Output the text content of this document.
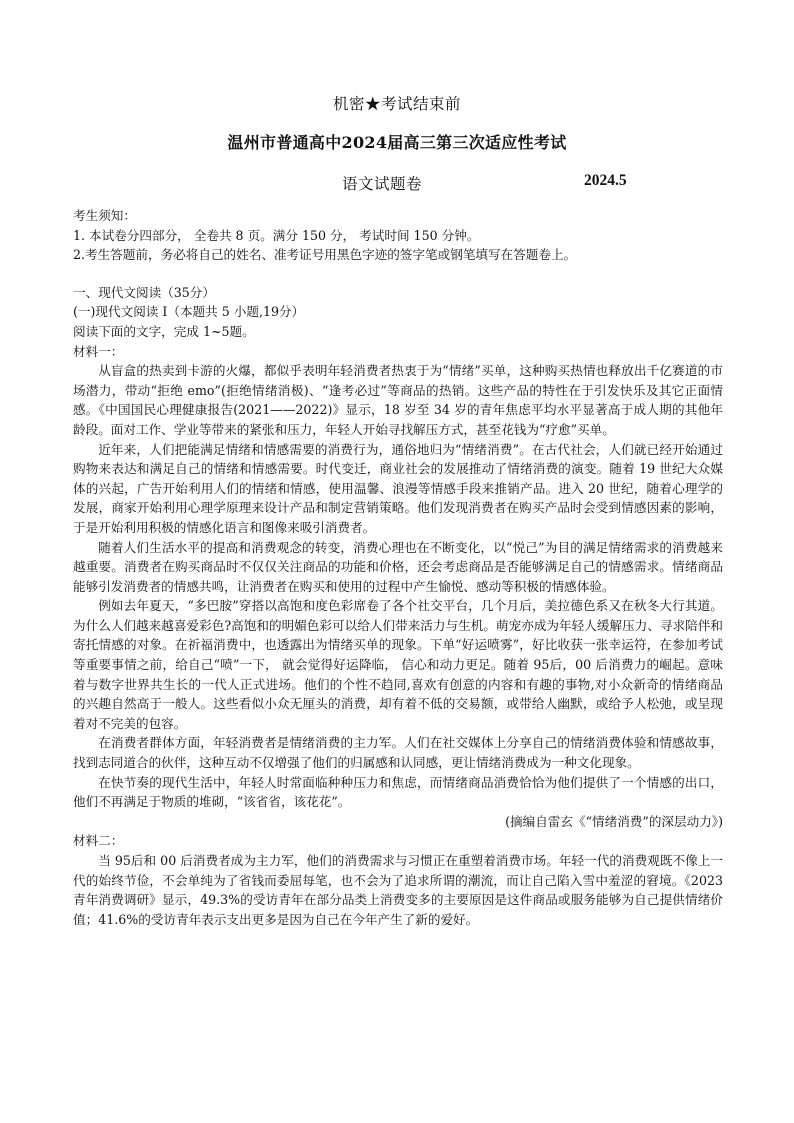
机密★考试结束前
温州市普通高中2024届高三第三次适应性考试
语文试题卷	2024.5

考生须知：

1. 本试卷分四部分， 全卷共 8 页。满分 150 分， 考试时间 150 分钟。

2.考生答题前，务必将自己的姓名、准考证号用黑色字迹的签字笔或钢笔填写在答题卷上。

一、现代文阅读（35分）

(一)现代文阅读 I（本题共 5 小题,19分）

阅读下面的文字，完成 1~5题。

材料一：

从盲盒的热卖到卡游的火爆，都似乎表明年轻消费者热衷于为“情绪”买单，这种购买热情也释放出千亿赛道的市场潜力，带动“拒绝 emo”(拒绝情绪消极)、“逢考必过”等商品的热销。这些产品的特性在于引发快乐及其它正面情感。《中国国民心理健康报告(2021——2022)》显示，18 岁至 34 岁的青年焦虑平均水平显著高于成人期的其他年龄段。面对工作、学业等带来的紧张和压力，年轻人开始寻找解压方式，甚至花钱为“疗愈”买单。

近年来，人们把能满足情绪和情感需要的消费行为，通俗地归为“情绪消费”。在古代社会，人们就已经开始通过购物来表达和满足自己的情绪和情感需要。时代变迁，商业社会的发展推动了情绪消费的演变。随着 19 世纪大众媒体的兴起，广告开始利用人们的情绪和情感，使用温馨、浪漫等情感手段来推销产品。进入 20 世纪，随着心理学的发展，商家开始利用心理学原理来设计产品和制定营销策略。他们发现消费者在购买产品时会受到情感因素的影响，于是开始利用积极的情感化语言和图像来吸引消费者。

随着人们生活水平的提高和消费观念的转变，消费心理也在不断变化，以“悦己”为目的满足情绪需求的消费越来越重要。消费者在购买商品时不仅仅关注商品的功能和价格，还会考虑商品是否能够满足自己的情感需求。情绪商品能够引发消费者的情感共鸣，让消费者在购买和使用的过程中产生愉悦、感动等积极的情感体验。

例如去年夏天，“多巴胺”穿搭以高饱和度色彩席卷了各个社交平台，几个月后，美拉德色系又在秋冬大行其道。为什么人们越来越喜爱彩色?高饱和的明媚色彩可以给人们带来活力与生机。萌宠亦成为年轻人缓解压力、寻求陪伴和寄托情感的对象。在祈福消费中，也透露出为情绪买单的现象。下单“好运喷雾”，好比收获一张幸运符，在参加考试等重要事情之前，给自己“喷”一下， 就会觉得好运降临， 信心和动力更足。随着 95后，00 后消费力的崛起。意味着与数字世界共生长的一代人正式进场。他们的个性不趋同,喜欢有创意的内容和有趣的事物,对小众新奇的情绪商品的兴趣自然高于一般人。这些看似小众无厘头的消费，却有着不低的交易额，或带给人幽默，或给予人松弛，或呈现着对不完美的包容。

在消费者群体方面，年轻消费者是情绪消费的主力军。人们在社交媒体上分享自己的情绪消费体验和情感故事，找到志同道合的伙伴，这种互动不仅增强了他们的归属感和认同感，更让情绪消费成为一种文化现象。

在快节奏的现代生活中，年轻人时常面临种种压力和焦虑，而情绪商品消费恰恰为他们提供了一个情感的出口，他们不再满足于物质的堆砌，“该省省，该花花”。

(摘编自雷玄《“情绪消费”的深层动力》)

材料二：

当 95后和 00 后消费者成为主力军，他们的消费需求与习惯正在重塑着消费市场。年轻一代的消费观既不像上一代的始终节俭，不会单纯为了省钱而委屈每笔，也不会为了追求所谓的潮流，而让自己陷入雪中羞涩的窘境。《2023 青年消费调研》显示，49.3%的受访青年在部分品类上消费变多的主要原因是这件商品或服务能够为自己提供情绪价值；41.6%的受访青年表示支出更多是因为自己在今年产生了新的爱好。
